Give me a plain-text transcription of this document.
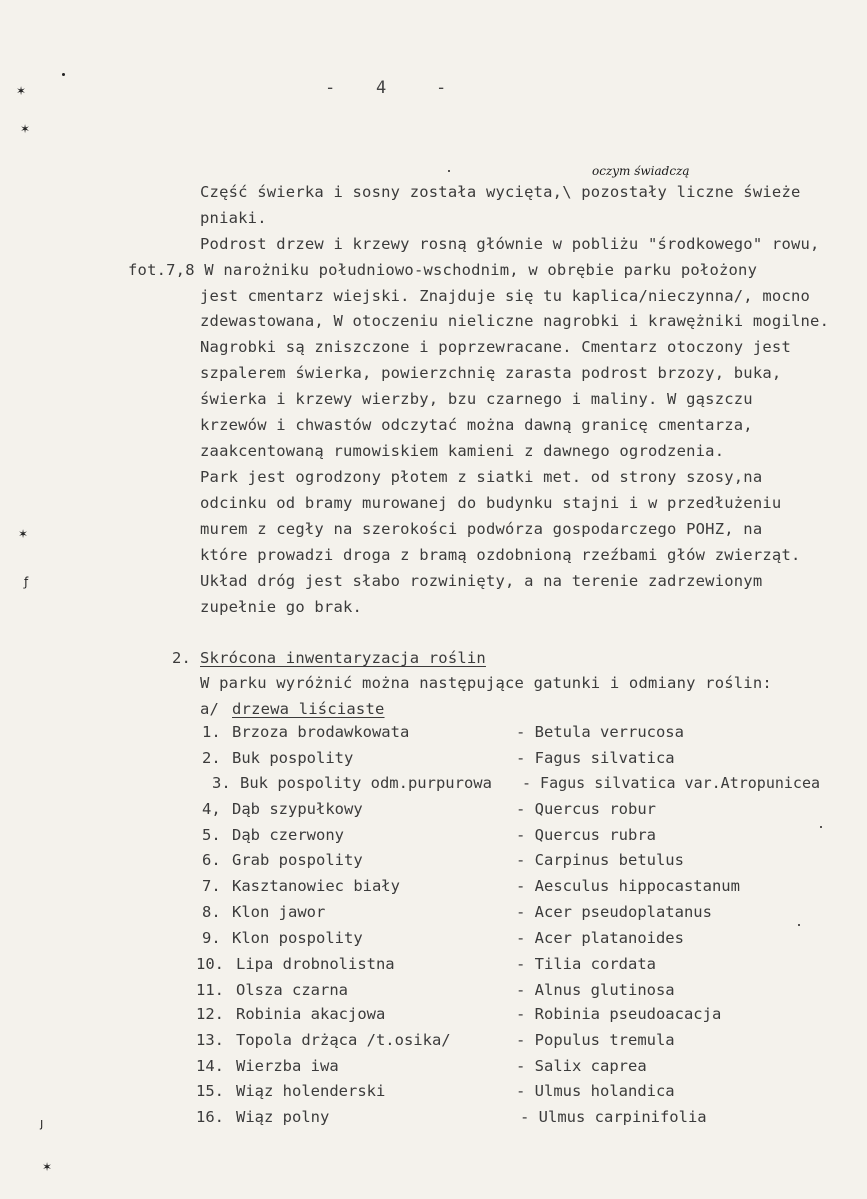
✶
✶
✶
ƒ
ȷ
✶
- 4	-
oczym świadczą
Część świerka i sosny została wycięta,\ pozostały liczne świeże
pniaki.
Podrost drzew i krzewy rosną głównie w pobliżu "środkowego" rowu,
fot.7,8 W narożniku południowo-wschodnim, w obrębie parku położony
jest cmentarz wiejski. Znajduje się tu kaplica/nieczynna/, mocno
zdewastowana, W otoczeniu nieliczne nagrobki i krawężniki mogilne.
Nagrobki są zniszczone i poprzewracane. Cmentarz otoczony jest
szpalerem świerka, powierzchnię zarasta podrost brzozy, buka,
świerka i krzewy wierzby, bzu czarnego i maliny. W gąszczu
krzewów i chwastów odczytać można dawną granicę cmentarza,
zaakcentowaną rumowiskiem kamieni z dawnego ogrodzenia.
Park jest ogrodzony płotem z siatki met. od strony szosy,na
odcinku od bramy murowanej do budynku stajni i w przedłużeniu
murem z cegły na szerokości podwórza gospodarczego POHZ, na
które prowadzi droga z bramą ozdobnioną rzeźbami głów zwierząt.
Układ dróg jest słabo rozwinięty, a na terenie zadrzewionym
zupełnie go brak.
2. Skrócona inwentaryzacja roślin
W parku wyróżnić można następujące gatunki i odmiany roślin:
a/ drzewa liściaste
1. Brzoza brodawkowata	- Betula verrucosa
2. Buk pospolity	- Fagus silvatica
3. Buk pospolity odm.purpurowa - Fagus silvatica var.Atropunicea
4, Dąb szypułkowy	- Quercus robur
5. Dąb czerwony	- Quercus rubra
6. Grab pospolity	- Carpinus betulus
7. Kasztanowiec biały	- Aesculus hippocastanum
8. Klon jawor	- Acer pseudoplatanus
9. Klon pospolity	- Acer platanoides
10. Lipa drobnolistna	- Tilia cordata
11. Olsza czarna	- Alnus glutinosa
12. Robinia akacjowa	- Robinia pseudoacacja
13. Topola drżąca /t.osika/	- Populus tremula
14. Wierzba iwa	- Salix caprea
15. Wiąz holenderski	- Ulmus holandica
16. Wiąz polny	- Ulmus carpinifolia
